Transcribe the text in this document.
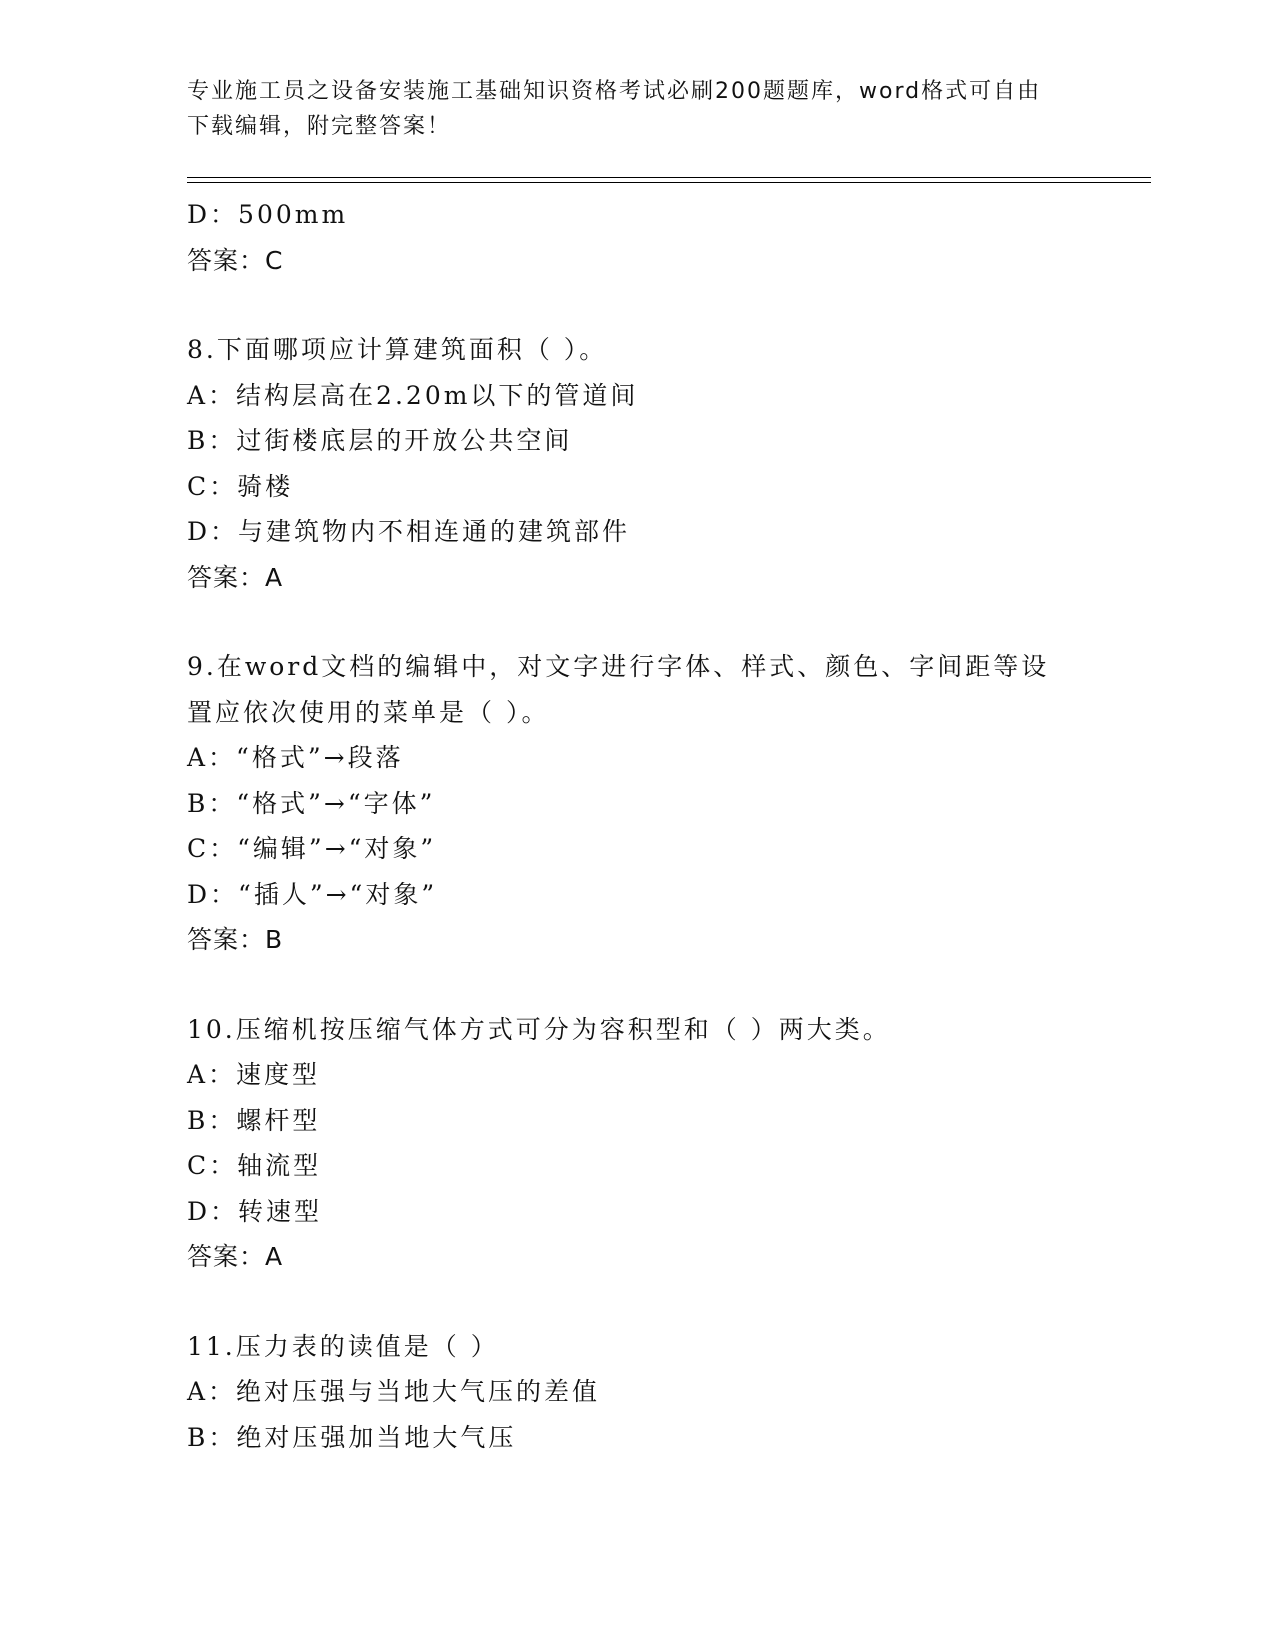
专业施工员之设备安装施工基础知识资格考试必刷200题题库，word格式可自由
下载编辑，附完整答案！
D：500mm
答案：C
8.下面哪项应计算建筑面积（ ）。
A：结构层高在2.20m以下的管道间
B：过街楼底层的开放公共空间
C：骑楼
D：与建筑物内不相连通的建筑部件
答案：A
9.在word文档的编辑中，对文字进行字体、样式、颜色、字间距等设
置应依次使用的菜单是（ ）。
A：“格式”→段落
B：“格式”→“字体”
C：“编辑”→“对象”
D：“插人”→“对象”
答案：B
10.压缩机按压缩气体方式可分为容积型和（ ）两大类。
A：速度型
B：螺杆型
C：轴流型
D：转速型
答案：A
11.压力表的读值是（ ）
A：绝对压强与当地大气压的差值
B：绝对压强加当地大气压
